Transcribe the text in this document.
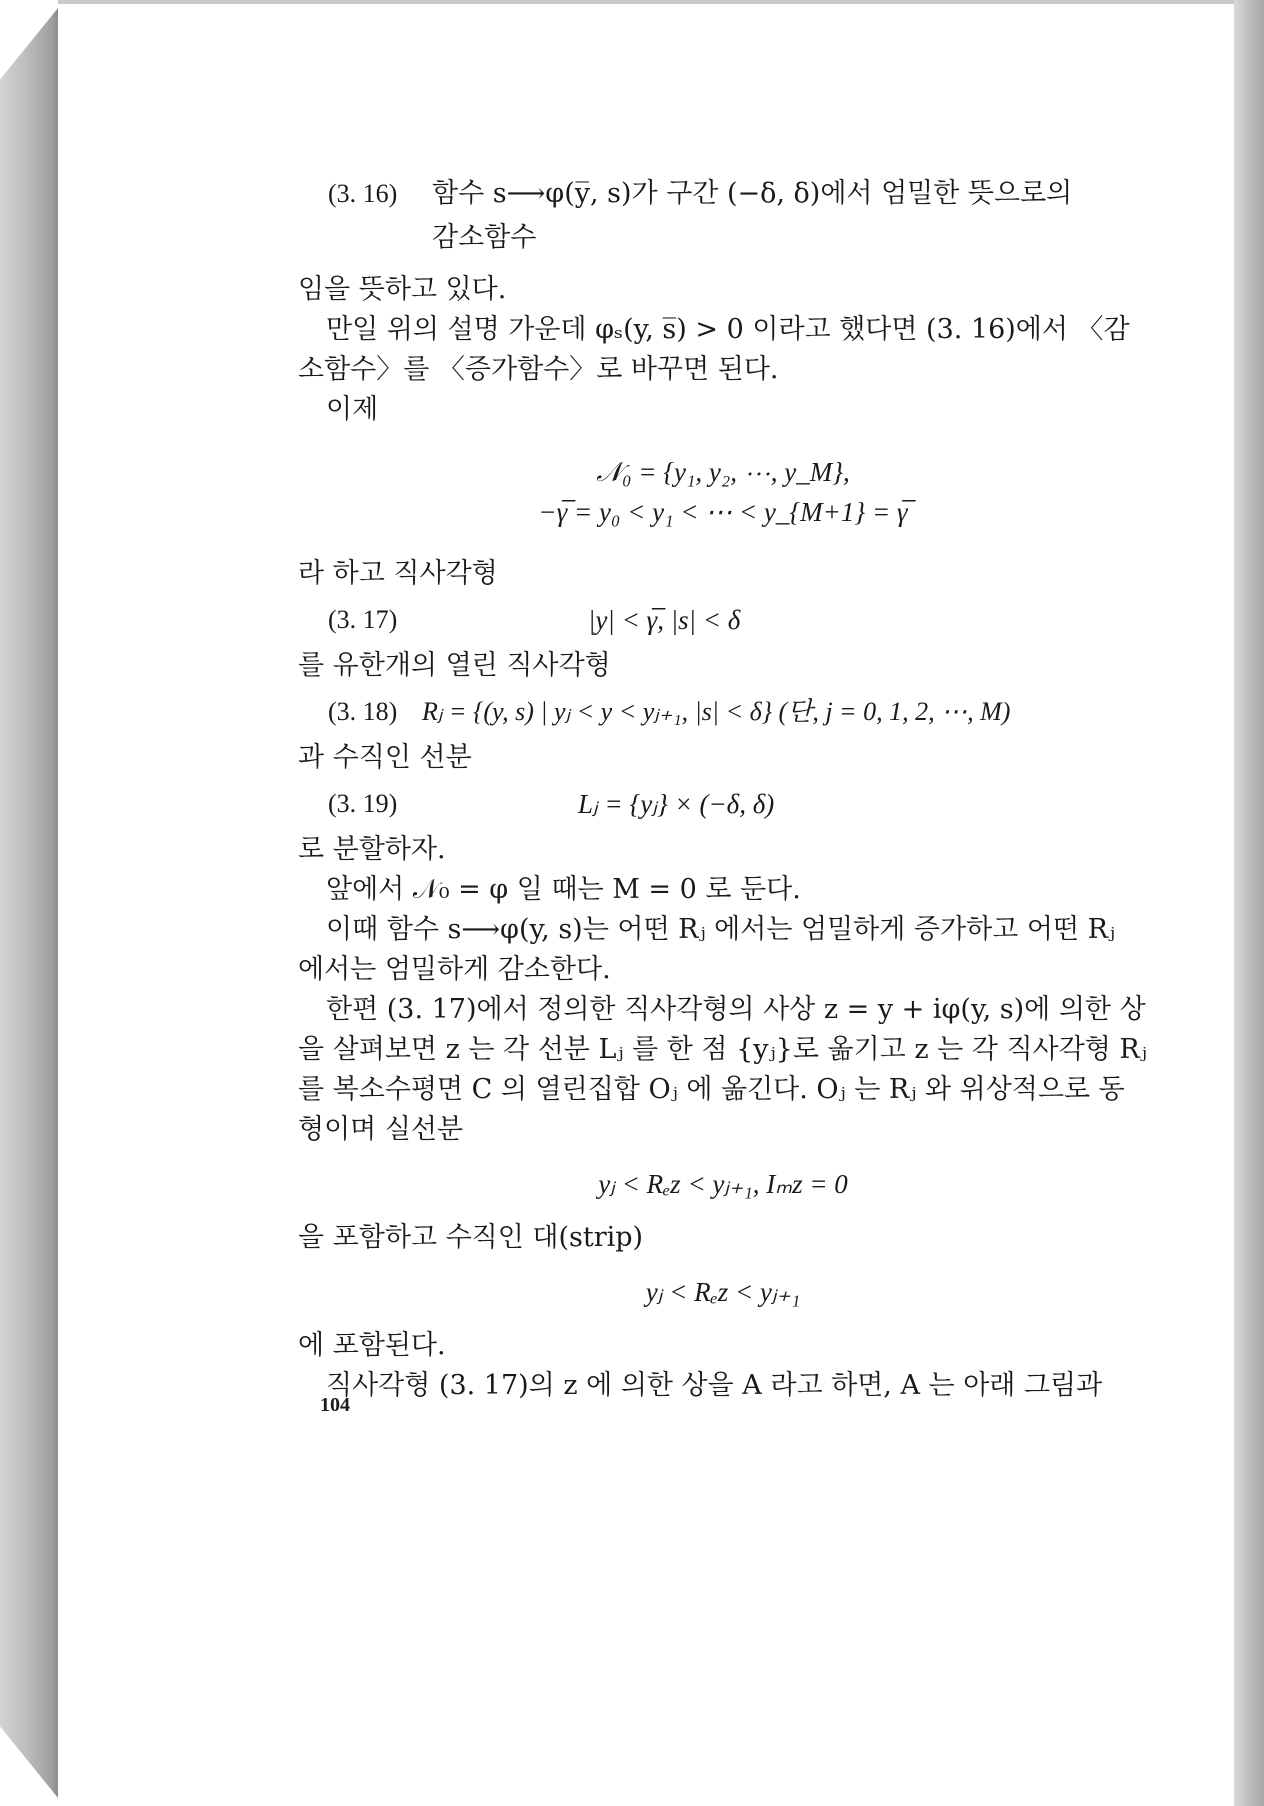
(3. 16) 함수 s⟶φ(y̅, s)가 구간 (−δ, δ)에서 엄밀한 뜻으로의
감소함수

임을 뜻하고 있다.

만일 위의 설명 가운데 φₛ(y, s̅) > 0 이라고 했다면 (3. 16)에서 〈감소함수〉를 〈증가함수〉로 바꾸면 된다.

이제

𝒩₀ = {y₁, y₂, ⋯, y_M},
−γ̅ = y₀ < y₁ < ⋯ < y_{M+1} = γ̅

라 하고 직사각형

(3. 17)	|y| < γ̅, |s| < δ

를 유한개의 열린 직사각형

(3. 18) Rⱼ = {(y, s) | yⱼ < y < yⱼ₊₁, |s| < δ} (단, j = 0, 1, 2, ⋯, M)

과 수직인 선분

(3. 19)	Lⱼ = {yⱼ} × (−δ, δ)

로 분할하자.

앞에서 𝒩₀ = φ 일 때는 M = 0 로 둔다.

이때 함수 s⟶φ(y, s)는 어떤 Rⱼ 에서는 엄밀하게 증가하고 어떤 Rⱼ 에서는 엄밀하게 감소한다.

한편 (3. 17)에서 정의한 직사각형의 사상 z = y + iφ(y, s)에 의한 상을 살펴보면 z 는 각 선분 Lⱼ 를 한 점 {yⱼ}로 옮기고 z 는 각 직사각형 Rⱼ 를 복소수평면 C 의 열린집합 Oⱼ 에 옮긴다. Oⱼ 는 Rⱼ 와 위상적으로 동형이며 실선분

yⱼ < Rₑz < yⱼ₊₁, Iₘz = 0

을 포함하고 수직인 대(strip)

yⱼ < Rₑz < yⱼ₊₁

에 포함된다.

직사각형 (3. 17)의 z 에 의한 상을 A 라고 하면, A 는 아래 그림과

104
